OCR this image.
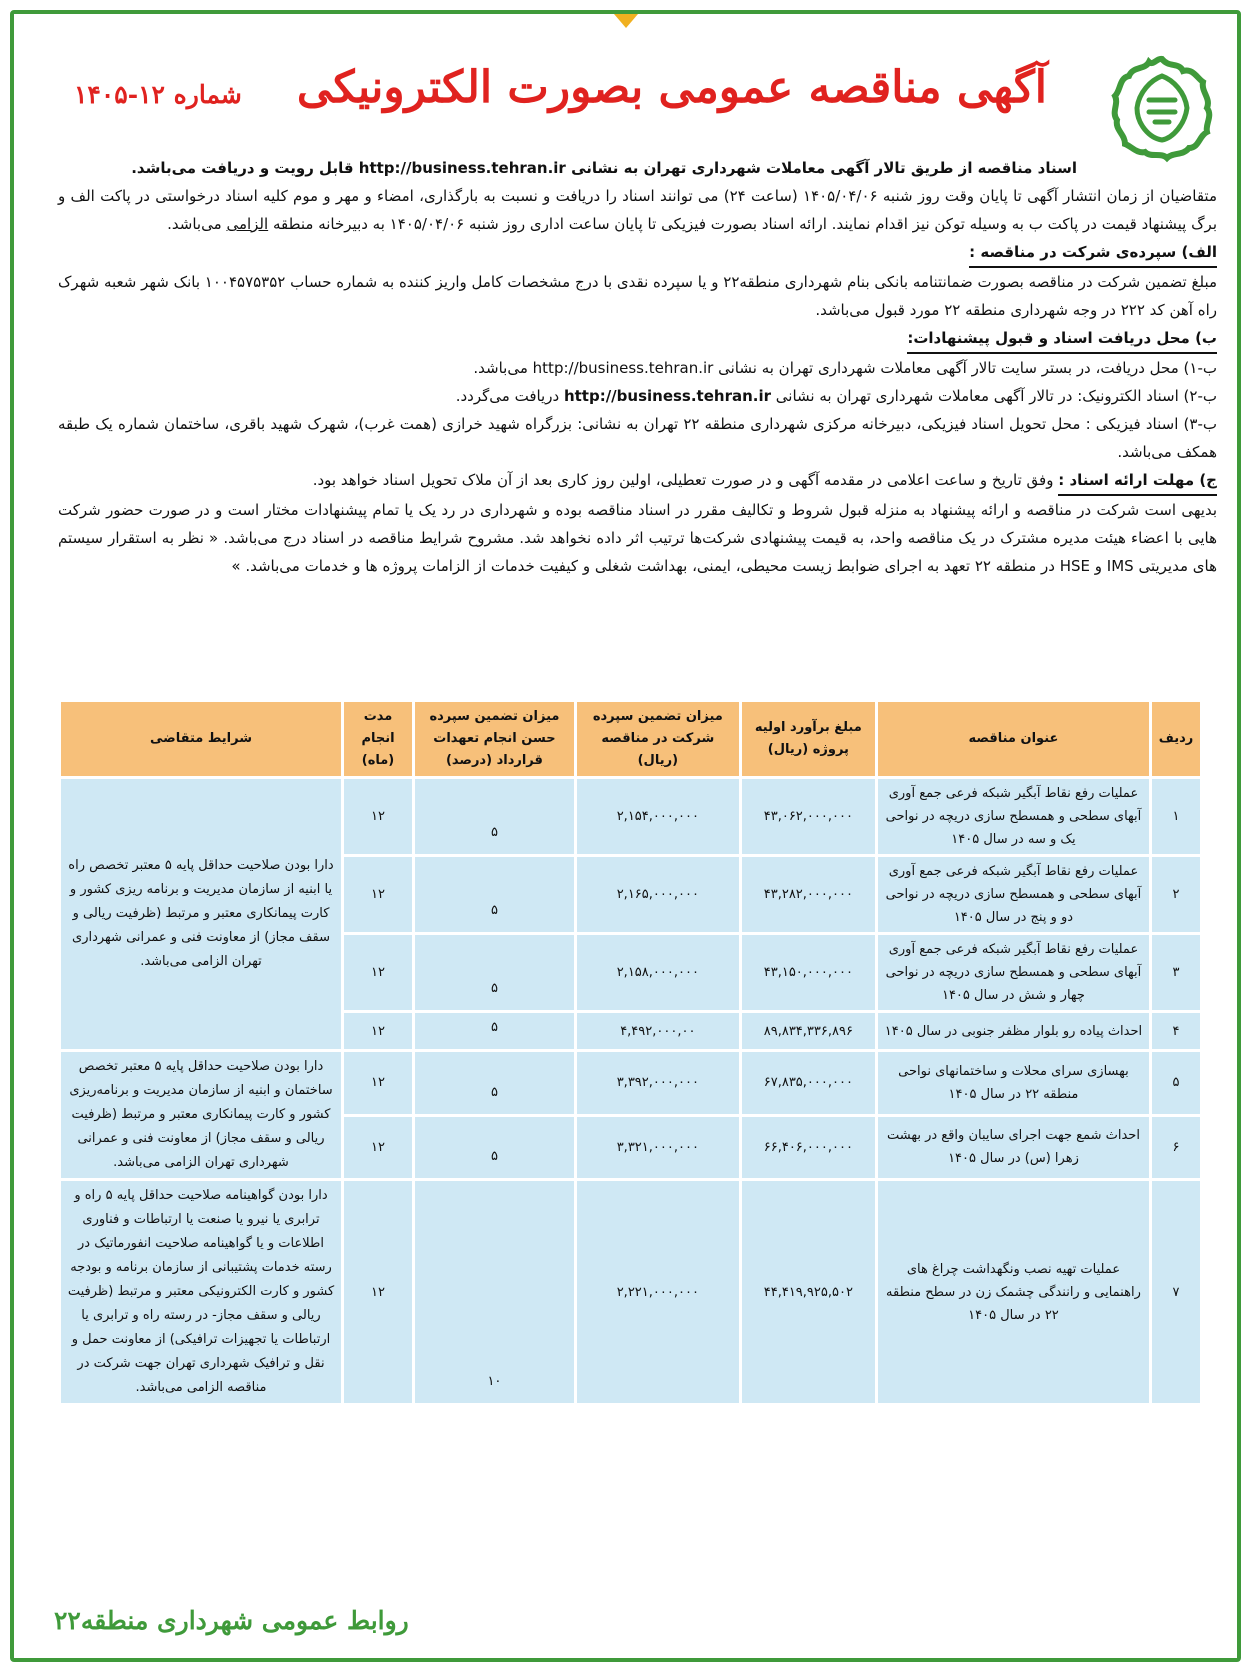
آگهی مناقصه عمومی بصورت الکترونیکی
شماره ۱۲-۱۴۰۵

اسناد مناقصه از طریق تالار آگهی معاملات شهرداری تهران به نشانی http://business.tehran.ir قابل رویت و دریافت می‌باشد.

متقاضیان از زمان انتشار آگهی تا پایان وقت روز شنبه ۱۴۰۵/۰۴/۰۶ (ساعت ۲۴) می توانند اسناد را دریافت و نسبت به بارگذاری، امضاء و مهر و موم کلیه اسناد درخواستی در پاکت الف و برگ پیشنهاد قیمت در پاکت ب به وسیله توکن نیز اقدام نمایند. ارائه اسناد بصورت فیزیکی تا پایان ساعت اداری روز شنبه ۱۴۰۵/۰۴/۰۶ به دبیرخانه منطقه الزامی می‌باشد.

الف) سپرده‌ی شرکت در مناقصه :

مبلغ تضمین شرکت در مناقصه بصورت ضمانتنامه بانکی بنام شهرداری منطقه۲۲ و یا سپرده نقدی با درج مشخصات کامل واریز کننده به شماره حساب ۱۰۰۴۵۷۵۳۵۲ بانک شهر شعبه شهرک راه آهن کد ۲۲۲ در وجه شهرداری منطقه ۲۲ مورد قبول می‌باشد.

ب) محل دریافت اسناد و قبول پیشنهادات:

ب-۱) محل دریافت، در بستر سایت تالار آگهی معاملات شهرداری تهران به نشانی http://business.tehran.ir می‌باشد.

ب-۲) اسناد الکترونیک: در تالار آگهی معاملات شهرداری تهران به نشانی http://business.tehran.ir دریافت می‌گردد.

ب-۳) اسناد فیزیکی : محل تحویل اسناد فیزیکی، دبیرخانه مرکزی شهرداری منطقه ۲۲ تهران به نشانی: بزرگراه شهید خرازی (همت غرب)، شهرک شهید باقری، ساختمان شماره یک طبقه همکف می‌باشد.

ج) مهلت ارائه اسناد : وفق تاریخ و ساعت اعلامی در مقدمه آگهی و در صورت تعطیلی، اولین روز کاری بعد از آن ملاک تحویل اسناد خواهد بود.

بدیهی است شرکت در مناقصه و ارائه پیشنهاد به منزله قبول شروط و تکالیف مقرر در اسناد مناقصه بوده و شهرداری در رد یک یا تمام پیشنهادات مختار است و در صورت حضور شرکت هایی با اعضاء هیئت مدیره مشترک در یک مناقصه واحد، به قیمت پیشنهادی شرکت‌ها ترتیب اثر داده نخواهد شد. مشروح شرایط مناقصه در اسناد درج می‌باشد. « نظر به استقرار سیستم های مدیریتی IMS و HSE در منطقه ۲۲ تعهد به اجرای ضوابط زیست محیطی، ایمنی، بهداشت شغلی و کیفیت خدمات از الزامات پروژه ها و خدمات می‌باشد. »

ردیف	عنوان مناقصه	مبلغ برآورد اولیه پروژه (ریال)	میزان تضمین سپرده شرکت در مناقصه (ریال)	میزان تضمین سپرده حسن انجام تعهدات قرارداد (درصد)	مدت انجام (ماه)	شرایط متقاضی
۱	عملیات رفع نقاط آبگیر شبکه فرعی جمع آوری آبهای سطحی و همسطح سازی دریچه در نواحی یک و سه در سال ۱۴۰۵	۴۳,۰۶۲,۰۰۰,۰۰۰	۲,۱۵۴,۰۰۰,۰۰۰	۵	۱۲	دارا بودن صلاحیت حداقل پایه ۵ معتبر تخصص راه یا ابنیه از سازمان مدیریت و برنامه ریزی کشور و کارت پیمانکاری معتبر و مرتبط (ظرفیت ریالی و سقف مجاز) از معاونت فنی و عمرانی شهرداری تهران الزامی می‌باشد.
۲	عملیات رفع نقاط آبگیر شبکه فرعی جمع آوری آبهای سطحی و همسطح سازی دریچه در نواحی دو و پنج در سال ۱۴۰۵	۴۳,۲۸۲,۰۰۰,۰۰۰	۲,۱۶۵,۰۰۰,۰۰۰	۵	۱۲	
۳	عملیات رفع نقاط آبگیر شبکه فرعی جمع آوری آبهای سطحی و همسطح سازی دریچه در نواحی چهار و شش در سال ۱۴۰۵	۴۳,۱۵۰,۰۰۰,۰۰۰	۲,۱۵۸,۰۰۰,۰۰۰	۵	۱۲	
۴	احداث پیاده رو بلوار مظفر جنوبی در سال ۱۴۰۵	۸۹,۸۳۴,۳۳۶,۸۹۶	۴,۴۹۲,۰۰۰,۰۰	۵	۱۲	
۵	بهسازی سرای محلات و ساختمانهای نواحی منطقه ۲۲ در سال ۱۴۰۵	۶۷,۸۳۵,۰۰۰,۰۰۰	۳,۳۹۲,۰۰۰,۰۰۰	۵	۱۲	دارا بودن صلاحیت حداقل پایه ۵ معتبر تخصص ساختمان و ابنیه از سازمان مدیریت و برنامه‌ریزی کشور و کارت پیمانکاری معتبر و مرتبط (ظرفیت ریالی و سقف مجاز) از معاونت فنی و عمرانی شهرداری تهران الزامی می‌باشد.
۶	احداث شمع جهت اجرای سایبان واقع در بهشت زهرا (س) در سال ۱۴۰۵	۶۶,۴۰۶,۰۰۰,۰۰۰	۳,۳۲۱,۰۰۰,۰۰۰	۵	۱۲	
۷	عملیات تهیه نصب ونگهداشت چراغ های راهنمایی و رانندگی چشمک زن در سطح منطقه ۲۲ در سال ۱۴۰۵	۴۴,۴۱۹,۹۲۵,۵۰۲	۲,۲۲۱,۰۰۰,۰۰۰	۱۰	۱۲	دارا بودن گواهینامه صلاحیت حداقل پایه ۵ راه و ترابری یا نیرو یا صنعت یا ارتباطات و فناوری اطلاعات و یا گواهینامه صلاحیت انفورماتیک در رسته خدمات پشتیبانی از سازمان برنامه و بودجه کشور و کارت الکترونیکی معتبر و مرتبط (ظرفیت ریالی و سقف مجاز- در رسته راه و ترابری یا ارتباطات یا تجهیزات ترافیکی) از معاونت حمل و نقل و ترافیک شهرداری تهران جهت شرکت در مناقصه الزامی می‌باشد.
روابط عمومی شهرداری منطقه۲۲
